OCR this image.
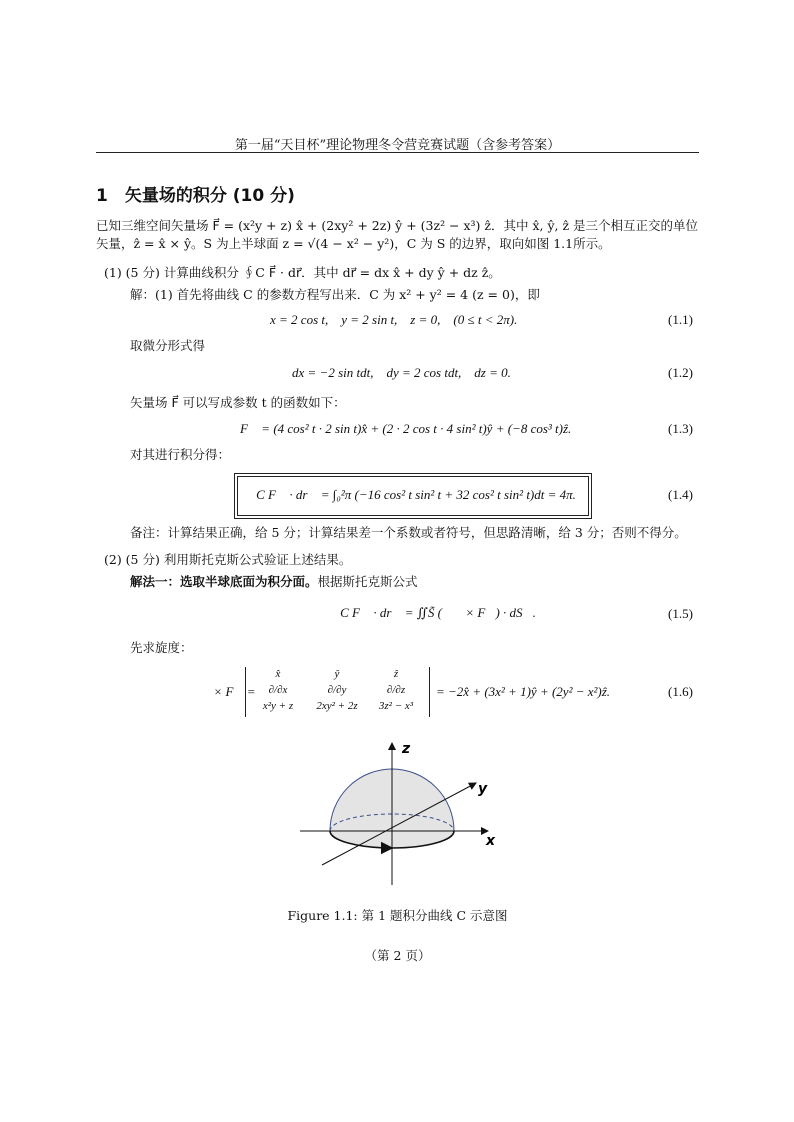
第一届“天目杯”理论物理冬令营竞赛试题（含参考答案）
1　矢量场的积分 (10 分)
已知三维空间矢量场 F⃗ = (x²y + z) x̂ + (2xy² + 2z) ŷ + (3z² − x³) ẑ．其中 x̂, ŷ, ẑ 是三个相互正交的单位
矢量，ẑ = x̂ × ŷ。S 为上半球面 z = √(4 − x² − y²)，C 为 S 的边界，取向如图 1.1所示。
(1) (5 分) 计算曲线积分 ∮C F⃗ · dr⃗．其中 dr⃗ = dx x̂ + dy ŷ + dz ẑ。
解：(1) 首先将曲线 C 的参数方程写出来．C 为 x² + y² = 4 (z = 0)，即
x = 2 cos t,　y = 2 sin t,　z = 0,　(0 ≤ t < 2π).	(1.1)
取微分形式得
dx = −2 sin tdt,　dy = 2 cos tdt,　dz = 0.	(1.2)
矢量场 F⃗ 可以写成参数 t 的函数如下：
F⃗ = (4 cos² t · 2 sin t)x̂ + (2 · 2 cos t · 4 sin² t)ŷ + (−8 cos³ t)ẑ.	(1.3)
对其进行积分得：
∮C F⃗ · dr⃗ = ∫₀²π (−16 cos² t sin² t + 32 cos² t sin² t)dt = 4π.	(1.4)
备注：计算结果正确，给 5 分；计算结果差一个系数或者符号，但思路清晰，给 3 分；否则不得分。
(2) (5 分) 利用斯托克斯公式验证上述结果。
解法一：选取半球底面为积分面。根据斯托克斯公式
∮C F⃗ · dr⃗ = ∬S̃ (∇⃗ × F⃗) · dS⃗.	(1.5)
先求旋度：
∇⃗ × F⃗ =
x̂	ŷ	ẑ
∂/∂x	∂/∂y	∂/∂z
x²y + z	2xy² + 2z	3z² − x³
= −2x̂ + (3x² + 1)ŷ + (2y² − x²)ẑ.	(1.6)
z
y
x
Figure 1.1: 第 1 题积分曲线 C 示意图
（第 2 页）
